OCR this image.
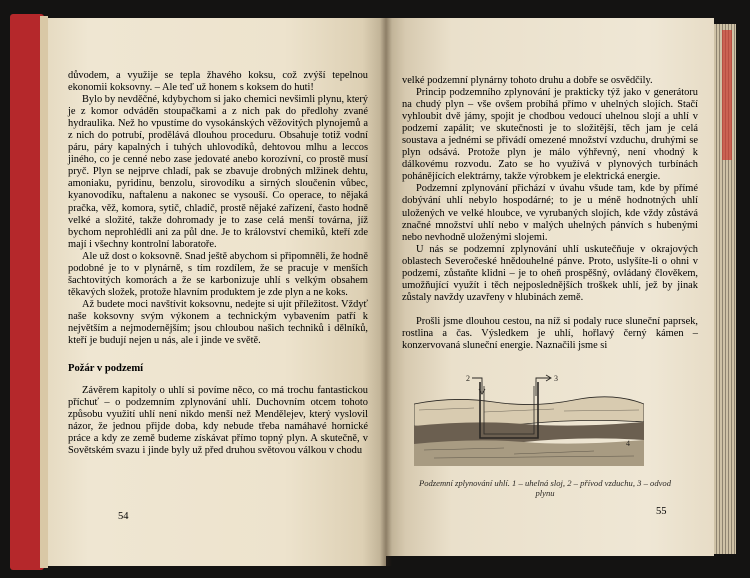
důvodem, a využije se tepla žhavého koksu, což zvýší tepelnou ekonomii koksovny. – Ale teď už honem s koksem do huti!

Bylo by nevděčné, kdybychom si jako chemici nevšimli plynu, který je z komor odváděn stoupačkami a z nich pak do předlohy zvané hydraulika. Než ho vpustíme do vysokánských věžovitých plynojemů a z nich do potrubí, prodělává dlouhou proceduru. Obsahuje totiž vodní páru, páry kapalných i tuhých uhlovodíků, dehtovou mlhu a leccos jiného, co je cenné nebo zase jedovaté anebo korozívní, co prostě musí pryč. Plyn se nejprve chladí, pak se zbavuje drobných mlžinek dehtu, amoniaku, pyridinu, benzolu, sirovodíku a sirných sloučenin vůbec, kyanovodíku, naftalenu a nakonec se vysouší. Co operace, to nějaká pračka, věž, komora, sytič, chladič, prostě nějaké zařízení, často hodně velké a složité, takže dohromady je to zase celá menší továrna, jíž bychom neprohlédli ani za půl dne. Je to království chemiků, kteří zde mají i všechny kontrolní laboratoře.

Ale už dost o koksovně. Snad ještě abychom si připomněli, že hodně podobné je to v plynárně, s tím rozdílem, že se pracuje v menších šachtovitých komorách a že se karbonizuje uhlí s velkým obsahem těkavých složek, protože hlavním produktem je zde plyn a ne koks.

Až budete moci navštívit koksovnu, nedejte si ujít příležitost. Vždyť naše koksovny svým výkonem a technickým vybavením patří k největším a nejmodernějším; jsou chloubou našich techniků i dělníků, kteří je budují nejen u nás, ale i jinde ve světě.

Požár v podzemí

Závěrem kapitoly o uhlí si povíme něco, co má trochu fantastickou příchuť – o podzemním zplynování uhlí. Duchovním otcem tohoto způsobu využití uhlí není nikdo menší než Mendělejev, který vyslovil názor, že jednou přijde doba, kdy nebude třeba namáhavé hornické práce a kdy ze země budeme získávat přímo topný plyn. A skutečně, v Sovětském svazu i jinde byly už před druhou světovou válkou v chodu

54

velké podzemní plynárny tohoto druhu a dobře se osvědčily.

Princip podzemního zplynování je prakticky týž jako v generátoru na chudý plyn – vše ovšem probíhá přímo v uhelných slojích. Stačí vyhloubit dvě jámy, spojit je chodbou vedoucí uhelnou slojí a uhlí v podzemí zapálit; ve skutečnosti je to složitější, těch jam je celá soustava a jednémi se přivádí omezené množství vzduchu, druhými se plyn odsává. Protože plyn je málo výhřevný, není vhodný k dálkovému rozvodu. Zato se ho využívá v plynových turbínách pohánějících elektrárny, takže výrobkem je elektrická energie.

Podzemní zplynování přichází v úvahu všude tam, kde by přímé dobývání uhlí nebylo hospodárné; to je u méně hodnotných uhlí uložených ve velké hloubce, ve vyrubaných slojích, kde vždy zůstává značné množství uhlí nebo v malých uhelných pánvích s hubenými nebo nevhodně uloženými slojemi.

U nás se podzemní zplynování uhlí uskutečňuje v okrajových oblastech Severočeské hnědouhelné pánve. Proto, uslyšíte-li o ohni v podzemí, zůstaňte klidni – je to oheň prospěšný, ovládaný člověkem, umožňující využít i těch nejposlednějších troškek uhlí, jež by jinak zůstaly navždy uzavřeny v hlubinách země.

Prošli jsme dlouhou cestou, na níž si podaly ruce sluneční paprsek, rostlina a čas. Výsledkem je uhlí, hořlavý černý kámen – konzervovaná sluneční energie. Naznačili jsme si

2	3
4
Podzemní zplynování uhlí. 1 – uhelná sloj, 2 – přívod vzduchu, 3 – odvod plynu
55
